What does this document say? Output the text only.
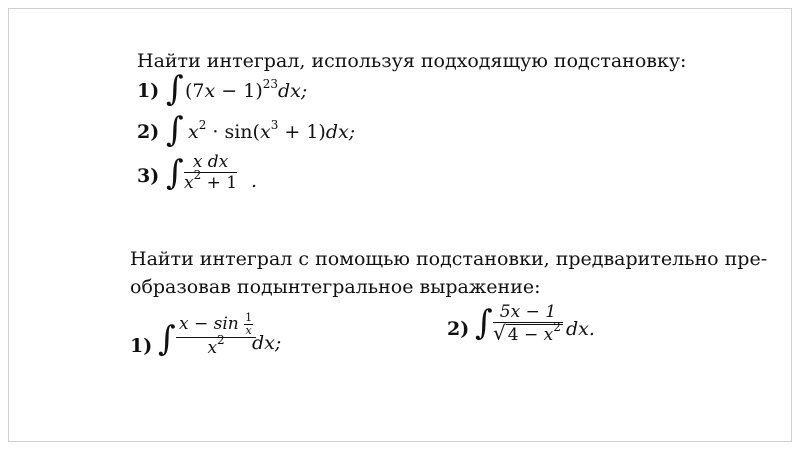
Найти интеграл, используя подходящую подстановку:
1) ∫ $(7x - 1)^{23}dx$;
2) ∫ $x^2 \cdot \sin(x^3 + 1)dx$;
3) ∫ $\frac{\text{x dx}}{x^2 + 1}$ .
Найти интеграл с помощью подстановки, предварительно пре-
образовав подынтегральное выражение:
1) ∫ $\frac{x - \sin \frac{1}{x}}{x^2}$
dx;
2) ∫ $\frac{5x - 1}{√ 4 - x^2}$ dx.
